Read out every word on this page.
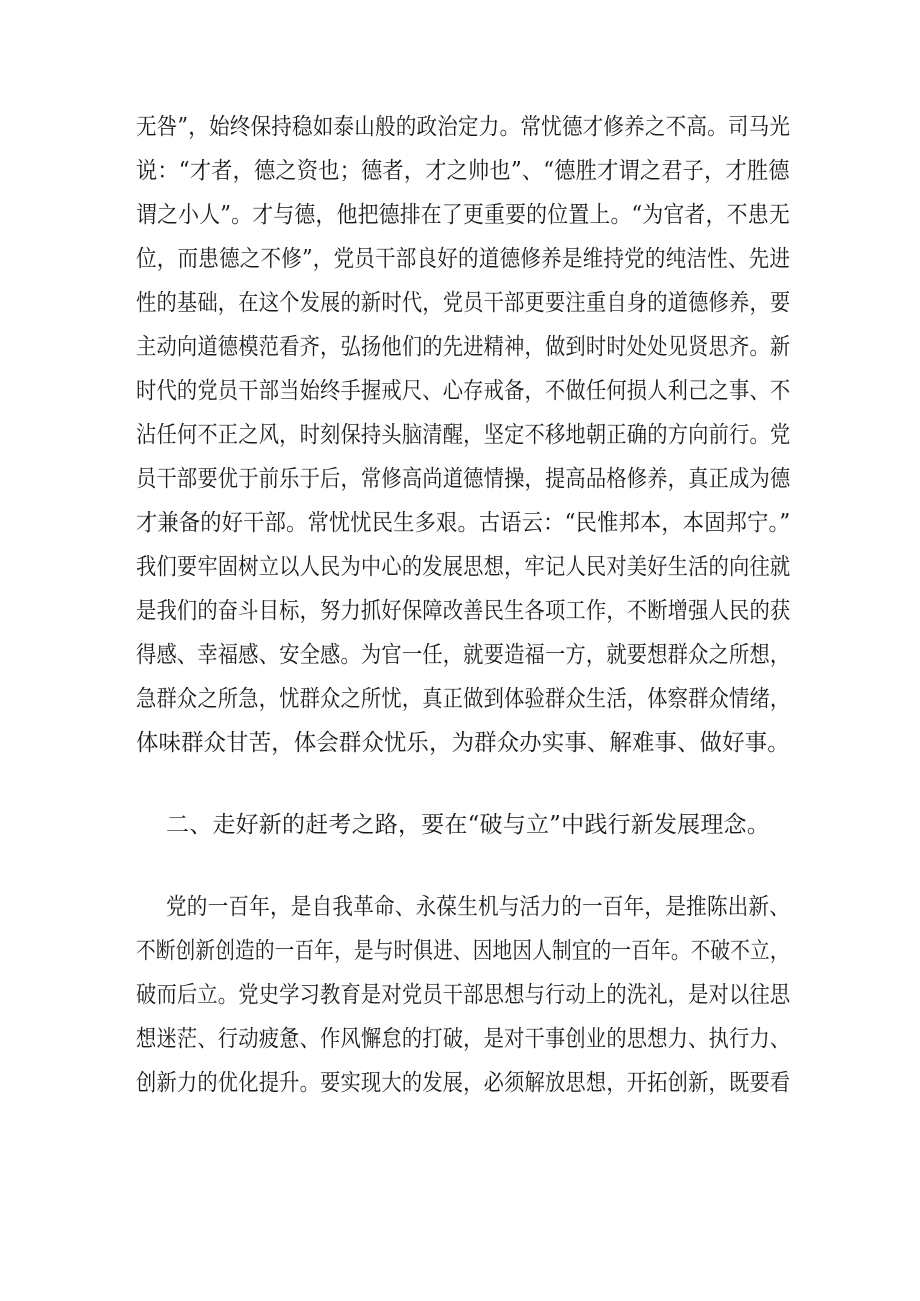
无咎”，始终保持稳如泰山般的政治定力。常忧德才修养之不高。司马光
说：“才者，德之资也；德者，才之帅也”、“德胜才谓之君子，才胜德
谓之小人”。才与德，他把德排在了更重要的位置上。“为官者，不患无
位，而患德之不修”，党员干部良好的道德修养是维持党的纯洁性、先进
性的基础，在这个发展的新时代，党员干部更要注重自身的道德修养，要
主动向道德模范看齐，弘扬他们的先进精神，做到时时处处见贤思齐。新
时代的党员干部当始终手握戒尺、心存戒备，不做任何损人利己之事、不
沾任何不正之风，时刻保持头脑清醒，坚定不移地朝正确的方向前行。党
员干部要优于前乐于后，常修高尚道德情操，提高品格修养，真正成为德
才兼备的好干部。常忧忧民生多艰。古语云：“民惟邦本，本固邦宁。”
我们要牢固树立以人民为中心的发展思想，牢记人民对美好生活的向往就
是我们的奋斗目标，努力抓好保障改善民生各项工作，不断增强人民的获
得感、幸福感、安全感。为官一任，就要造福一方，就要想群众之所想，
急群众之所急，忧群众之所忧，真正做到体验群众生活，体察群众情绪，
体味群众甘苦，体会群众忧乐，为群众办实事、解难事、做好事。
二、走好新的赶考之路，要在“破与立”中践行新发展理念。
党的一百年，是自我革命、永葆生机与活力的一百年，是推陈出新、
不断创新创造的一百年，是与时俱进、因地因人制宜的一百年。不破不立，
破而后立。党史学习教育是对党员干部思想与行动上的洗礼，是对以往思
想迷茫、行动疲惫、作风懈怠的打破，是对干事创业的思想力、执行力、
创新力的优化提升。要实现大的发展，必须解放思想，开拓创新，既要看
